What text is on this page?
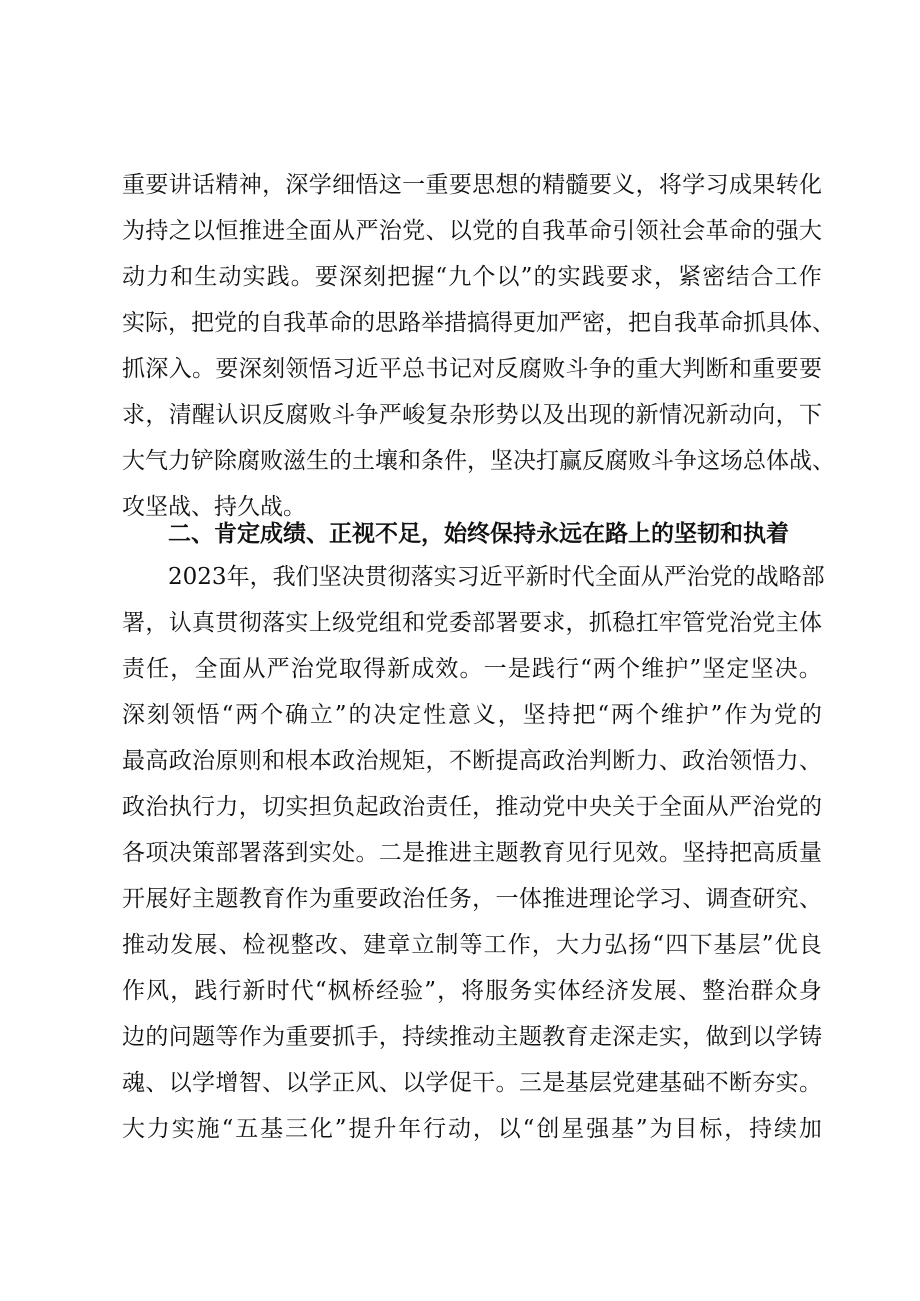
重 要 讲 话 精 神 ， 深 学 细 悟 这 一 重 要 思 想 的 精 髓 要 义 ， 将 学 习 成 果 转 化
为 持 之 以 恒 推 进 全 面 从 严 治 党 、 以 党 的 自 我 革 命 引 领 社 会 革 命 的 强 大
动 力 和 生 动 实 践 。 要 深 刻 把 握 “ 九 个 以 ” 的 实 践 要 求 ， 紧 密 结 合 工 作
实 际 ， 把 党 的 自 我 革 命 的 思 路 举 措 搞 得 更 加 严 密 ， 把 自 我 革 命 抓 具 体 、
抓 深 入 。 要 深 刻 领 悟 习 近 平 总 书 记 对 反 腐 败 斗 争 的 重 大 判 断 和 重 要 要
求 ， 清 醒 认 识 反 腐 败 斗 争 严 峻 复 杂 形 势 以 及 出 现 的 新 情 况 新 动 向 ， 下
大 气 力 铲 除 腐 败 滋 生 的 土 壤 和 条 件 ， 坚 决 打 赢 反 腐 败 斗 争 这 场 总 体 战 、
攻坚战、持久战。
二、肯定成绩、正视不足，始终保持永远在路上的坚韧和执着
2 0 2 3 年 ， 我 们 坚 决 贯 彻 落 实 习 近 平 新 时 代 全 面 从 严 治 党 的 战 略 部
署 ， 认 真 贯 彻 落 实 上 级 党 组 和 党 委 部 署 要 求 ， 抓 稳 扛 牢 管 党 治 党 主 体
责 任 ， 全 面 从 严 治 党 取 得 新 成 效 。 一 是 践 行 “ 两 个 维 护 ” 坚 定 坚 决 。
深 刻 领 悟 “ 两 个 确 立 ” 的 决 定 性 意 义 ， 坚 持 把 “ 两 个 维 护 ” 作 为 党 的
最 高 政 治 原 则 和 根 本 政 治 规 矩 ， 不 断 提 高 政 治 判 断 力 、 政 治 领 悟 力 、
政 治 执 行 力 ， 切 实 担 负 起 政 治 责 任 ， 推 动 党 中 央 关 于 全 面 从 严 治 党 的
各 项 决 策 部 署 落 到 实 处 。 二 是 推 进 主 题 教 育 见 行 见 效 。 坚 持 把 高 质 量
开 展 好 主 题 教 育 作 为 重 要 政 治 任 务 ， 一 体 推 进 理 论 学 习 、 调 查 研 究 、
推 动 发 展 、 检 视 整 改 、 建 章 立 制 等 工 作 ， 大 力 弘 扬 “ 四 下 基 层 ” 优 良
作 风 ， 践 行 新 时 代 “ 枫 桥 经 验 ” ， 将 服 务 实 体 经 济 发 展 、 整 治 群 众 身
边 的 问 题 等 作 为 重 要 抓 手 ， 持 续 推 动 主 题 教 育 走 深 走 实 ， 做 到 以 学 铸
魂 、 以 学 增 智 、 以 学 正 风 、 以 学 促 干 。 三 是 基 层 党 建 基 础 不 断 夯 实 。
大 力 实 施 “ 五 基 三 化 ” 提 升 年 行 动 ， 以 “ 创 星 强 基 ” 为 目 标 ， 持 续 加
